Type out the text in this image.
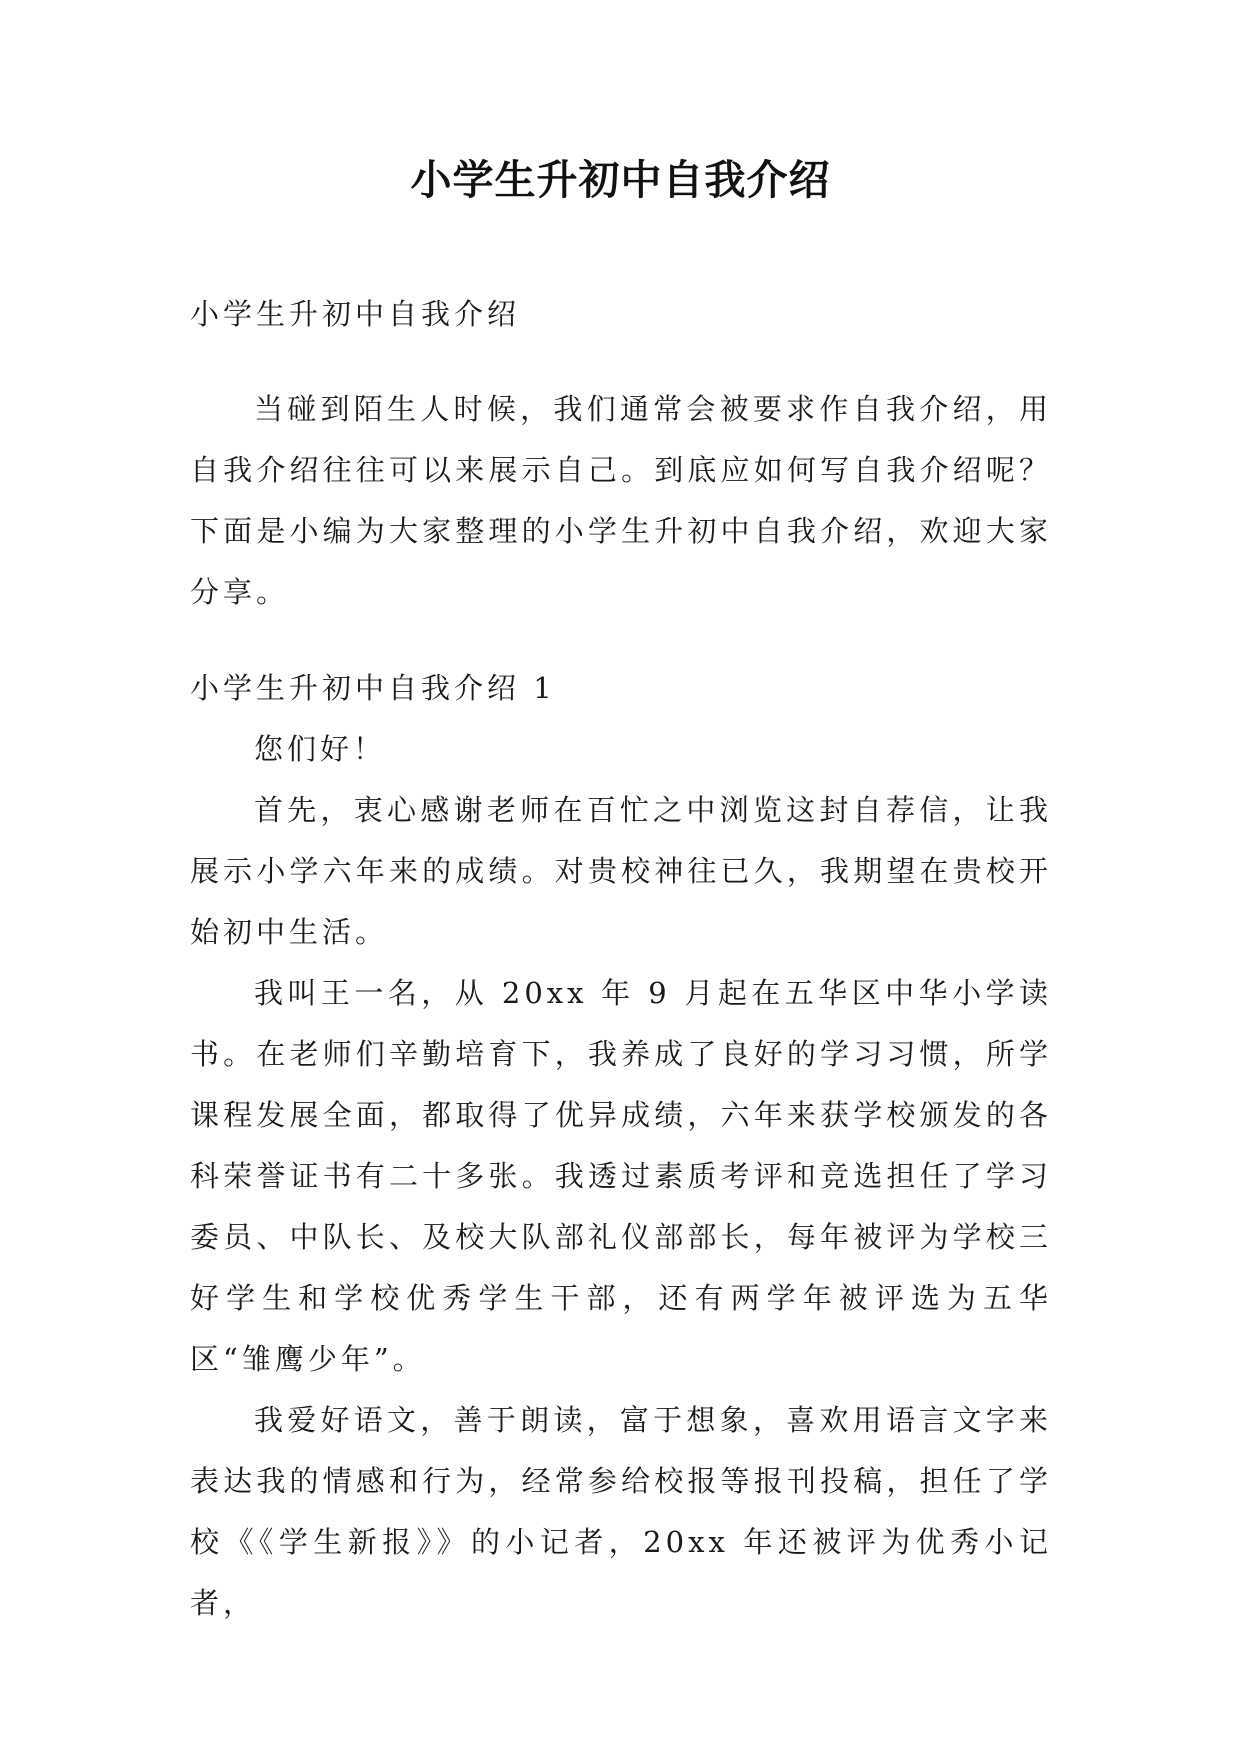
小学生升初中自我介绍

小学生升初中自我介绍

当碰到陌生人时候，我们通常会被要求作自我介绍，用自我介绍往往可以来展示自己。到底应如何写自我介绍呢？下面是小编为大家整理的小学生升初中自我介绍，欢迎大家分享。

小学生升初中自我介绍 1

您们好！

首先，衷心感谢老师在百忙之中浏览这封自荐信，让我展示小学六年来的成绩。对贵校神往已久，我期望在贵校开始初中生活。

我叫王一名，从 20xx 年 9 月起在五华区中华小学读书。在老师们辛勤培育下，我养成了良好的学习习惯，所学课程发展全面，都取得了优异成绩，六年来获学校颁发的各科荣誉证书有二十多张。我透过素质考评和竞选担任了学习委员、中队长、及校大队部礼仪部部长，每年被评为学校三好学生和学校优秀学生干部，还有两学年被评选为五华区“雏鹰少年”。

我爱好语文，善于朗读，富于想象，喜欢用语言文字来表达我的情感和行为，经常参给校报等报刊投稿，担任了学校《《学生新报》》的小记者，20xx 年还被评为优秀小记者，
